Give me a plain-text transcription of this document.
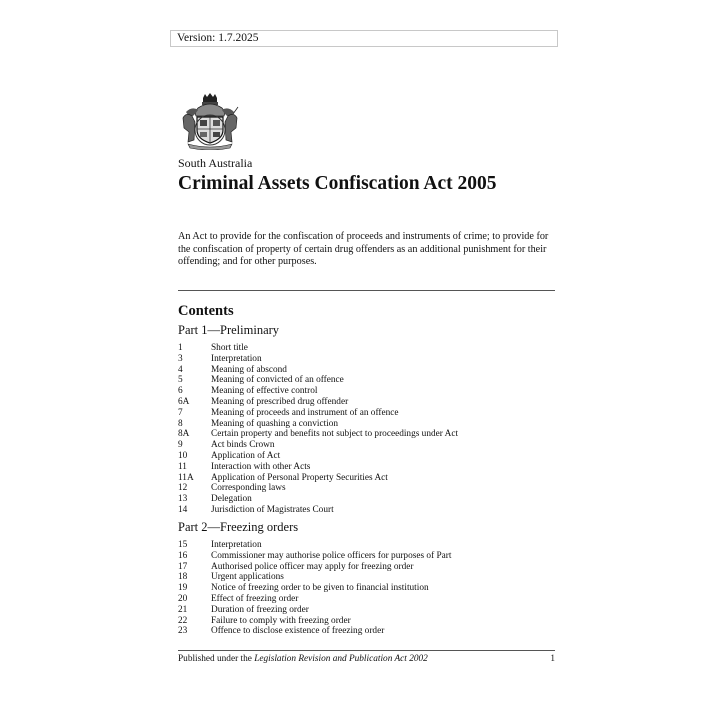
Version: 1.7.2025
South Australia
Criminal Assets Confiscation Act 2005

An Act to provide for the confiscation of proceeds and instruments of crime; to provide for the confiscation of property of certain drug offenders as an additional punishment for their offending; and for other purposes.

Contents
Part 1—Preliminary
1	Short title
3	Interpretation
4	Meaning of abscond
5	Meaning of convicted of an offence
6	Meaning of effective control
6A	Meaning of prescribed drug offender
7	Meaning of proceeds and instrument of an offence
8	Meaning of quashing a conviction
8A	Certain property and benefits not subject to proceedings under Act
9	Act binds Crown
10	Application of Act
11	Interaction with other Acts
11A	Application of Personal Property Securities Act
12	Corresponding laws
13	Delegation
14	Jurisdiction of Magistrates Court
Part 2—Freezing orders
15	Interpretation
16	Commissioner may authorise police officers for purposes of Part
17	Authorised police officer may apply for freezing order
18	Urgent applications
19	Notice of freezing order to be given to financial institution
20	Effect of freezing order
21	Duration of freezing order
22	Failure to comply with freezing order
23	Offence to disclose existence of freezing order
Published under the Legislation Revision and Publication Act 2002	1
